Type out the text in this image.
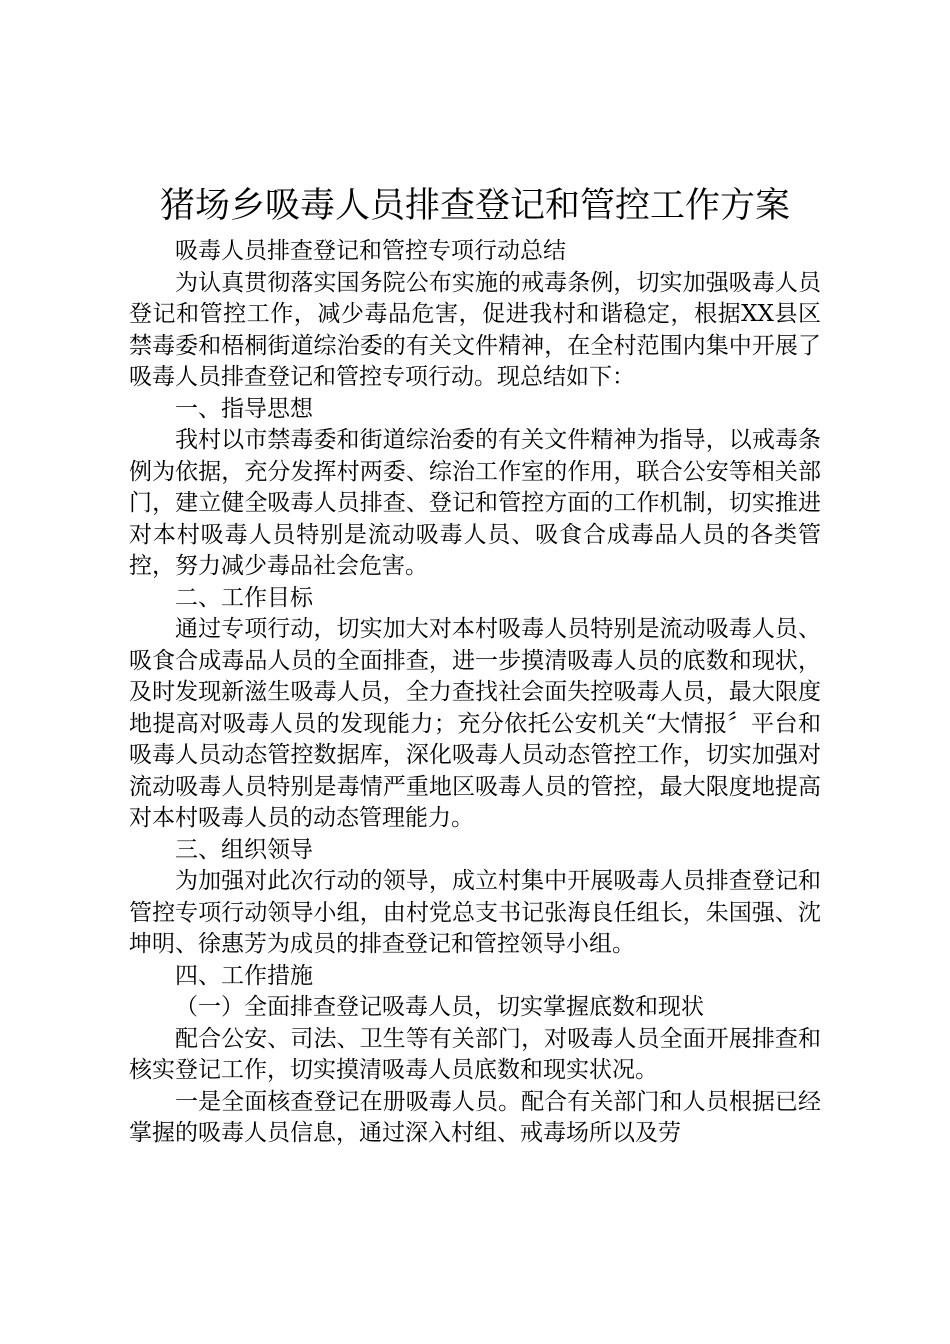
猪场乡吸毒人员排查登记和管控工作方案

吸毒人员排查登记和管控专项行动总结

为认真贯彻落实国务院公布实施的戒毒条例，切实加强吸毒人员登记和管控工作，减少毒品危害，促进我村和谐稳定，根据XX县区禁毒委和梧桐街道综治委的有关文件精神，在全村范围内集中开展了吸毒人员排查登记和管控专项行动。现总结如下：

一、指导思想

我村以市禁毒委和街道综治委的有关文件精神为指导，以戒毒条例为依据，充分发挥村两委、综治工作室的作用，联合公安等相关部门，建立健全吸毒人员排查、登记和管控方面的工作机制，切实推进对本村吸毒人员特别是流动吸毒人员、吸食合成毒品人员的各类管控，努力减少毒品社会危害。

二、工作目标

通过专项行动，切实加大对本村吸毒人员特别是流动吸毒人员、吸食合成毒品人员的全面排查，进一步摸清吸毒人员的底数和现状，及时发现新滋生吸毒人员，全力查找社会面失控吸毒人员，最大限度地提高对吸毒人员的发现能力；充分依托公安机关“大情报〞平台和吸毒人员动态管控数据库，深化吸毒人员动态管控工作，切实加强对流动吸毒人员特别是毒情严重地区吸毒人员的管控，最大限度地提高对本村吸毒人员的动态管理能力。

三、组织领导

为加强对此次行动的领导，成立村集中开展吸毒人员排查登记和管控专项行动领导小组，由村党总支书记张海良任组长，朱国强、沈坤明、徐惠芳为成员的排查登记和管控领导小组。

四、工作措施

（一）全面排查登记吸毒人员，切实掌握底数和现状

配合公安、司法、卫生等有关部门，对吸毒人员全面开展排查和核实登记工作，切实摸清吸毒人员底数和现实状况。

一是全面核查登记在册吸毒人员。配合有关部门和人员根据已经掌握的吸毒人员信息，通过深入村组、戒毒场所以及劳
